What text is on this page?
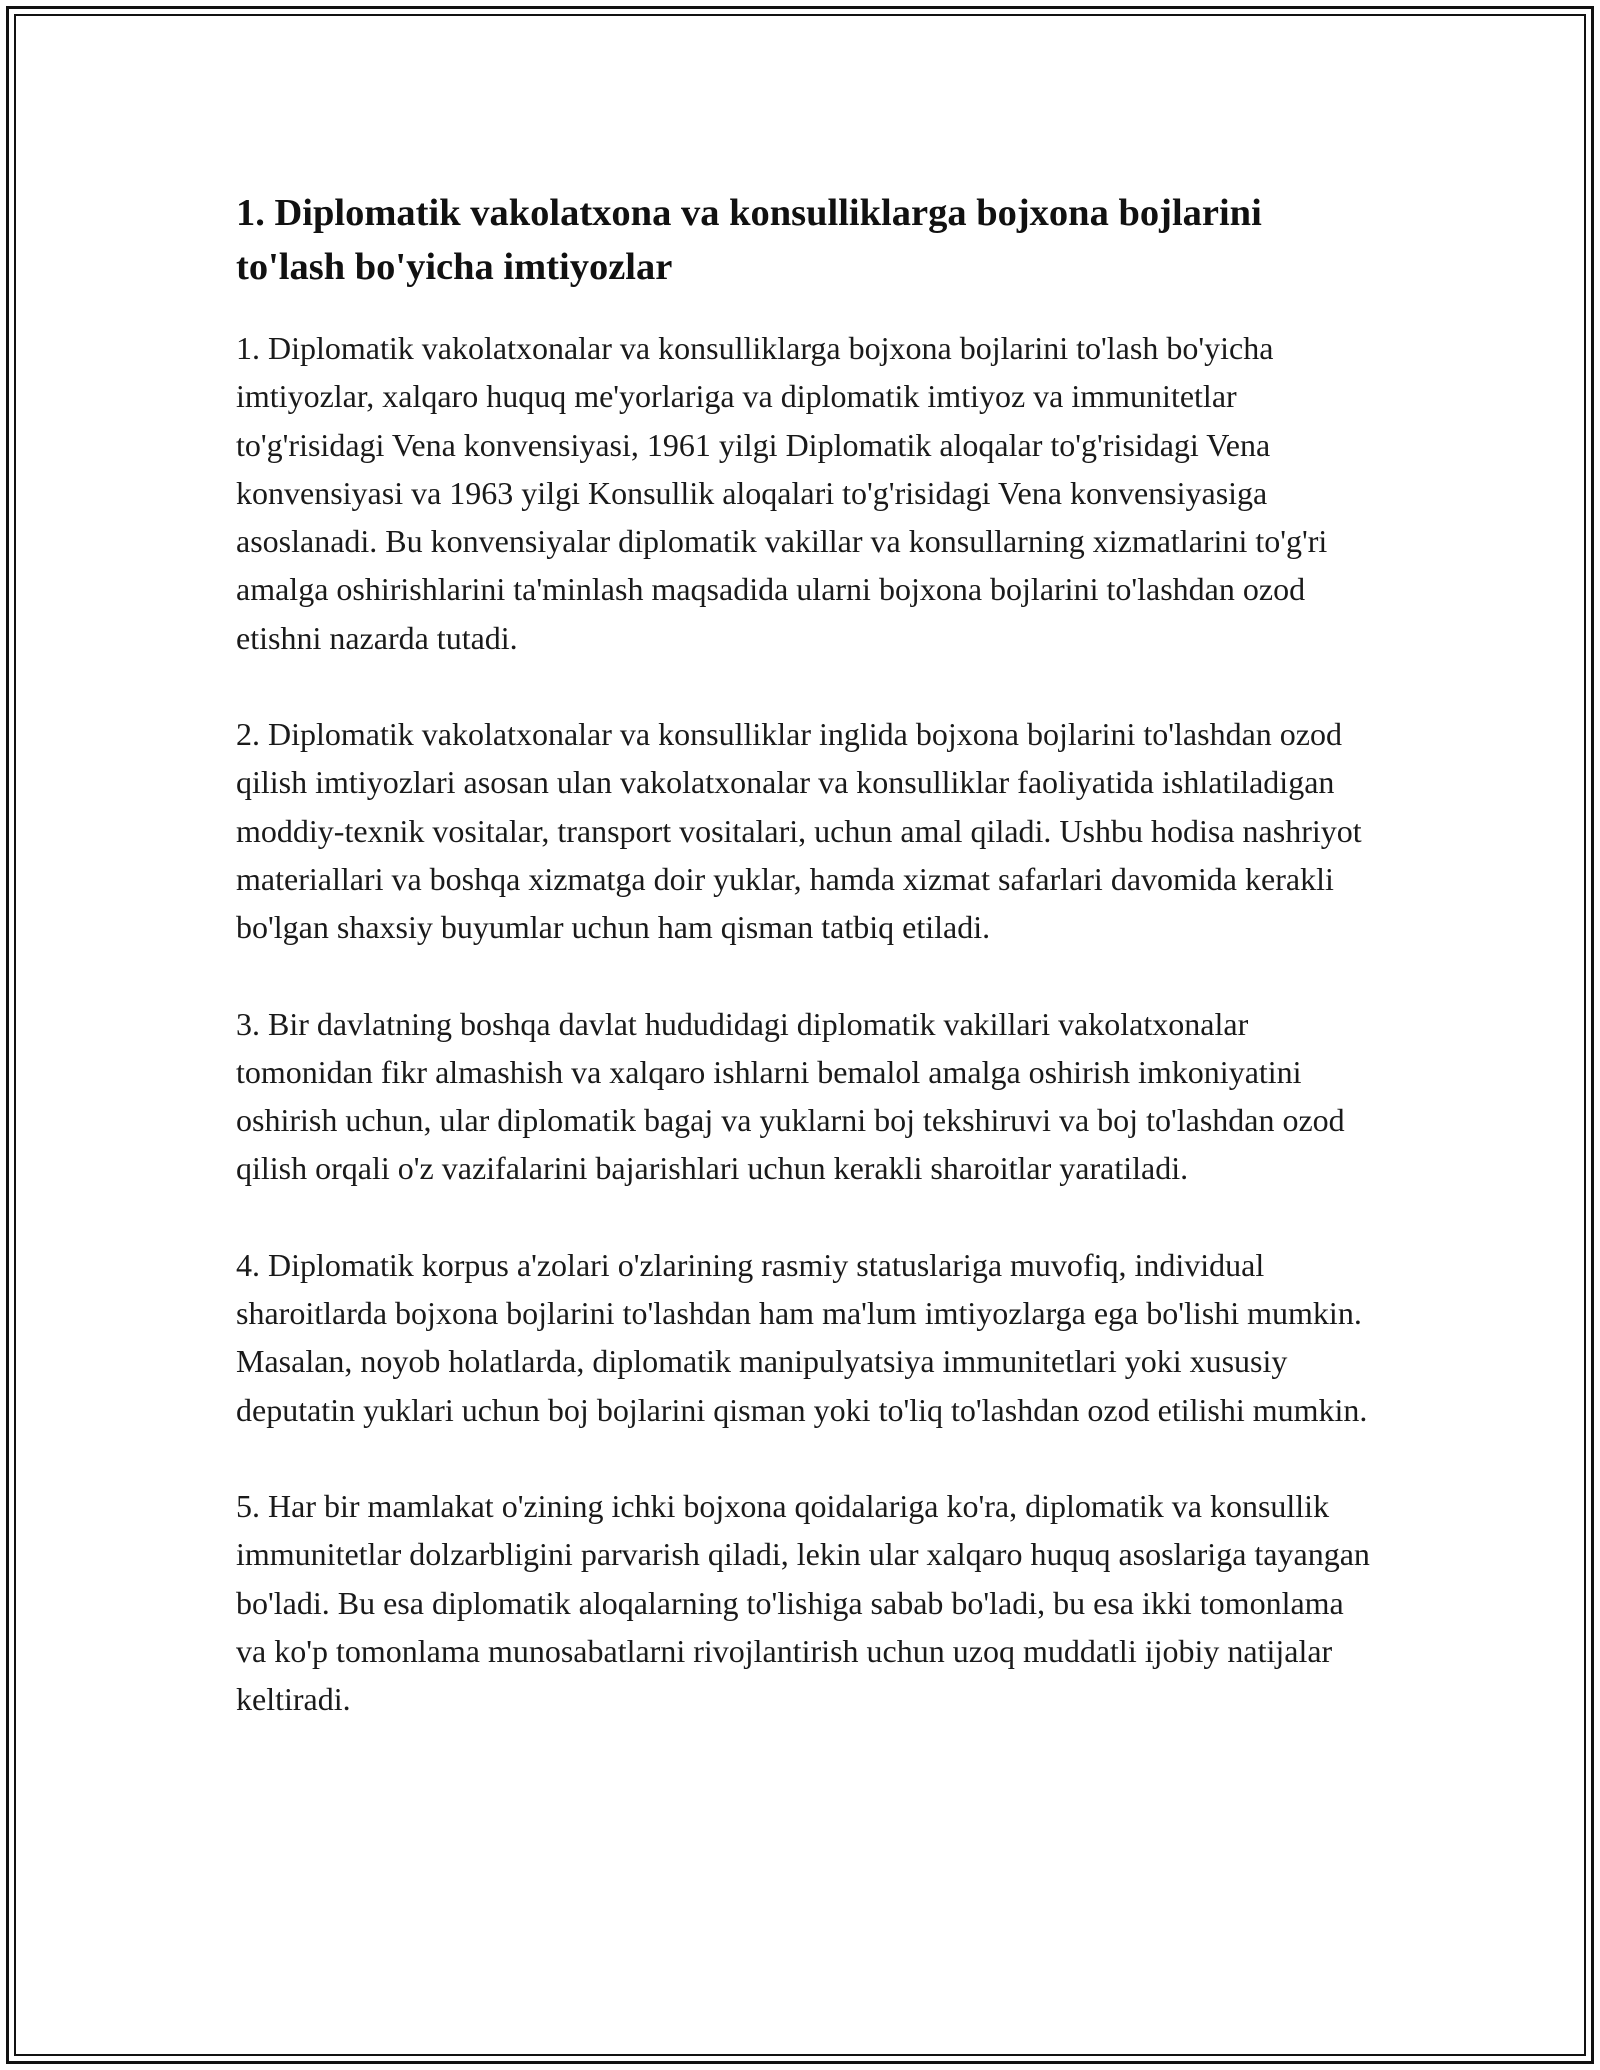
1. Diplomatik vakolatxona va konsulliklarga bojxona bojlarini to'lash bo'yicha imtiyozlar

1. Diplomatik vakolatxonalar va konsulliklarga bojxona bojlarini to'lash bo'yicha imtiyozlar, xalqaro huquq me'yorlariga va diplomatik imtiyoz va immunitetlar to'g'risidagi Vena konvensiyasi, 1961 yilgi Diplomatik aloqalar to'g'risidagi Vena konvensiyasi va 1963 yilgi Konsullik aloqalari to'g'risidagi Vena konvensiyasiga asoslanadi. Bu konvensiyalar diplomatik vakillar va konsullarning xizmatlarini to'g'ri amalga oshirishlarini ta'minlash maqsadida ularni bojxona bojlarini to'lashdan ozod etishni nazarda tutadi.

2. Diplomatik vakolatxonalar va konsulliklar inglida bojxona bojlarini to'lashdan ozod qilish imtiyozlari asosan ulan vakolatxonalar va konsulliklar faoliyatida ishlatiladigan moddiy-texnik vositalar, transport vositalari, uchun amal qiladi. Ushbu hodisa nashriyot materiallari va boshqa xizmatga doir yuklar, hamda xizmat safarlari davomida kerakli bo'lgan shaxsiy buyumlar uchun ham qisman tatbiq etiladi.

3. Bir davlatning boshqa davlat hududidagi diplomatik vakillari vakolatxonalar tomonidan fikr almashish va xalqaro ishlarni bemalol amalga oshirish imkoniyatini oshirish uchun, ular diplomatik bagaj va yuklarni boj tekshiruvi va boj to'lashdan ozod qilish orqali o'z vazifalarini bajarishlari uchun kerakli sharoitlar yaratiladi.

4. Diplomatik korpus a'zolari o'zlarining rasmiy statuslariga muvofiq, individual sharoitlarda bojxona bojlarini to'lashdan ham ma'lum imtiyozlarga ega bo'lishi mumkin. Masalan, noyob holatlarda, diplomatik manipulyatsiya immunitetlari yoki xususiy deputatin yuklari uchun boj bojlarini qisman yoki to'liq to'lashdan ozod etilishi mumkin.

5. Har bir mamlakat o'zining ichki bojxona qoidalariga ko'ra, diplomatik va konsullik immunitetlar dolzarbligini parvarish qiladi, lekin ular xalqaro huquq asoslariga tayangan bo'ladi. Bu esa diplomatik aloqalarning to'lishiga sabab bo'ladi, bu esa ikki tomonlama va ko'p tomonlama munosabatlarni rivojlantirish uchun uzoq muddatli ijobiy natijalar keltiradi.
